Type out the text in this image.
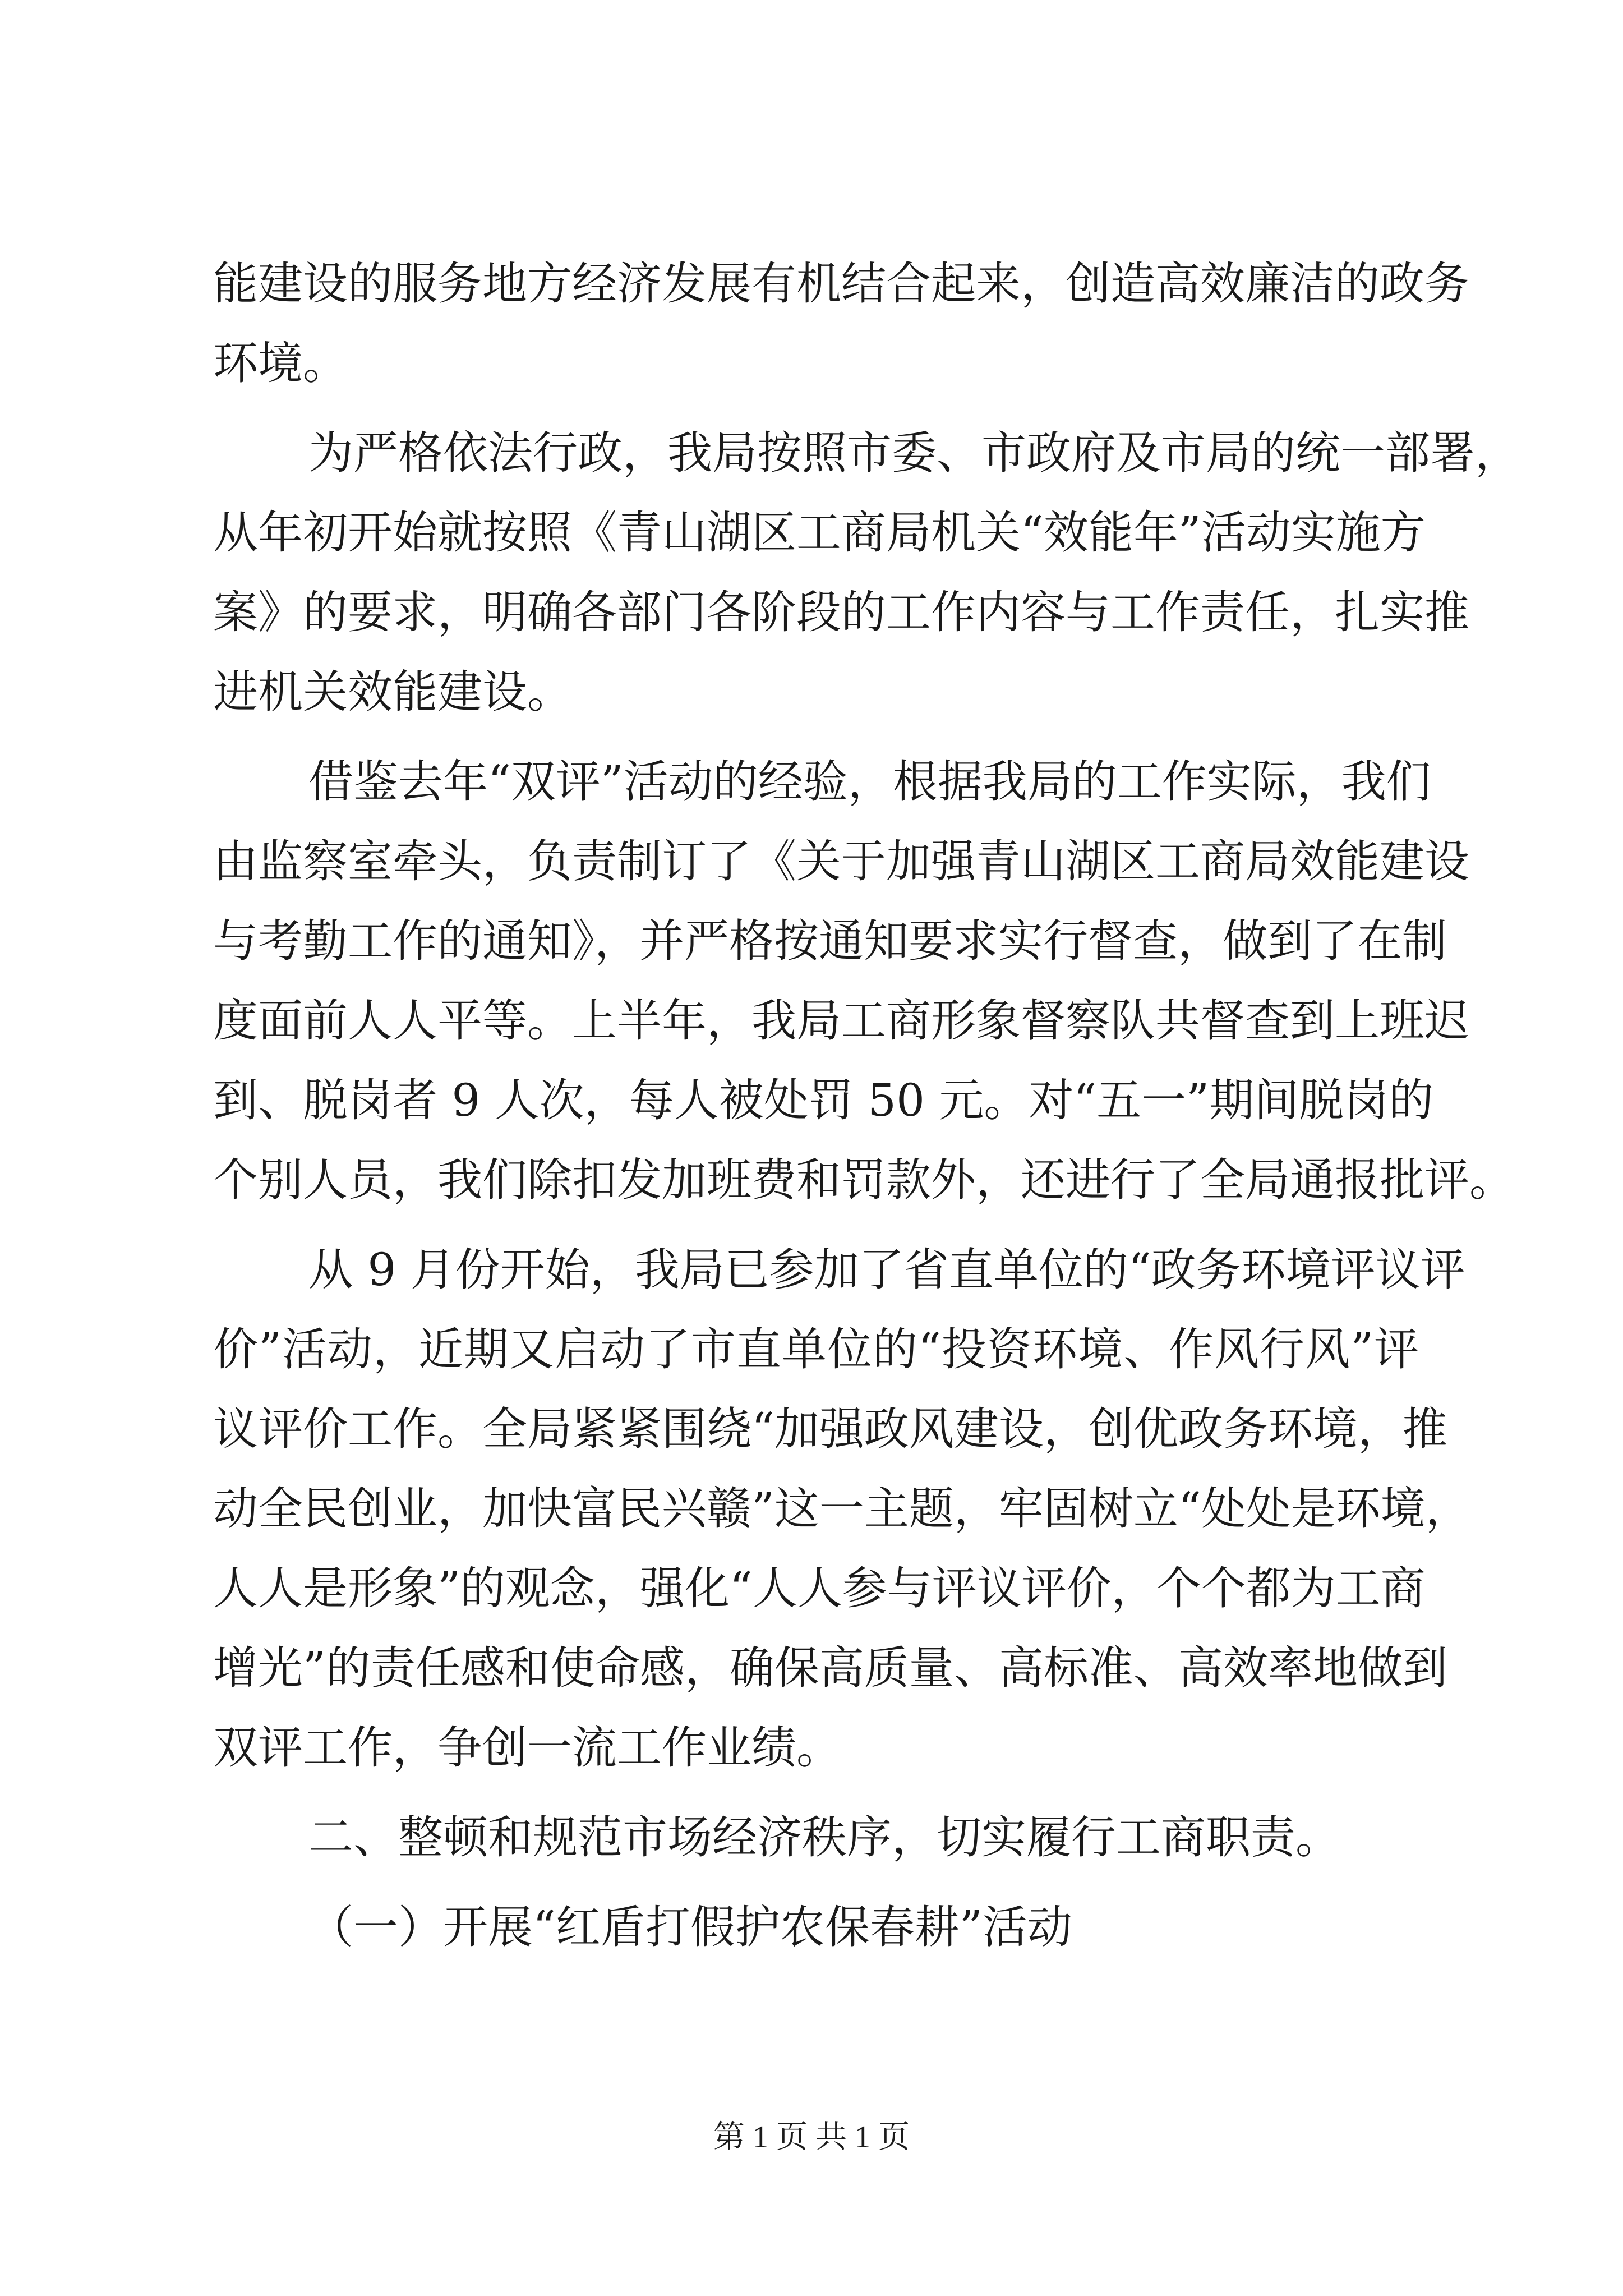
能建设的服务地方经济发展有机结合起来，创造高效廉洁的政务
环境。
为严格依法行政，我局按照市委、市政府及市局的统一部署，
从年初开始就按照《青山湖区工商局机关“效能年”活动实施方
案》的要求，明确各部门各阶段的工作内容与工作责任，扎实推
进机关效能建设。
借鉴去年“双评”活动的经验，根据我局的工作实际，我们
由监察室牵头，负责制订了《关于加强青山湖区工商局效能建设
与考勤工作的通知》，并严格按通知要求实行督查，做到了在制
度面前人人平等。上半年，我局工商形象督察队共督查到上班迟
到、脱岗者 9 人次，每人被处罚 50 元。对“五一”期间脱岗的
个别人员，我们除扣发加班费和罚款外，还进行了全局通报批评。
从 9 月份开始，我局已参加了省直单位的“政务环境评议评
价”活动，近期又启动了市直单位的“投资环境、作风行风”评
议评价工作。全局紧紧围绕“加强政风建设，创优政务环境，推
动全民创业，加快富民兴赣”这一主题，牢固树立“处处是环境，
人人是形象”的观念，强化“人人参与评议评价，个个都为工商
增光”的责任感和使命感，确保高质量、高标准、高效率地做到
双评工作，争创一流工作业绩。
二、整顿和规范市场经济秩序，切实履行工商职责。
（一）开展“红盾打假护农保春耕”活动
第 1 页 共 1 页
